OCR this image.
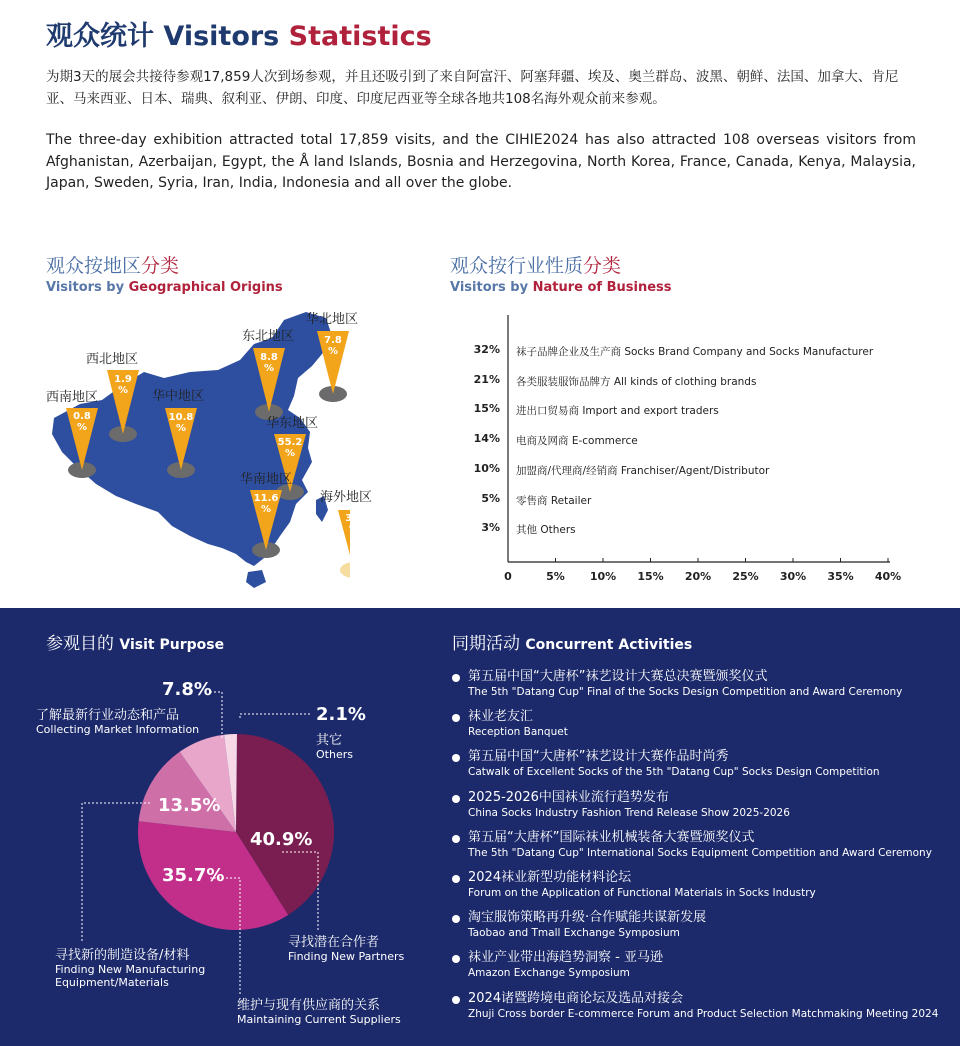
观众统计 Visitors Statistics
为期3天的展会共接待参观17,859人次到场参观，并且还吸引到了来自阿富汗、阿塞拜疆、埃及、奥兰群岛、波黑、朝鲜、法国、加拿大、肯尼亚、马来西亚、日本、瑞典、叙利亚、伊朗、印度、印度尼西亚等全球各地共108名海外观众前来参观。
The three-day exhibition attracted total 17,859 visits, and the CIHIE2024 has also attracted 108 overseas visitors from Afghanistan, Azerbaijan, Egypt, the Å land Islands, Bosnia and Herzegovina, North Korea, France, Canada, Kenya, Malaysia, Japan, Sweden, Syria, Iran, India, Indonesia and all over the globe.
观众按地区分类
Visitors by Geographical Origins
西南地区
西北地区
华中地区
东北地区
华北地区
华东地区
华南地区
海外地区
0.8
%
1.9
%
10.8
%
8.8
%
7.8
%
55.2
%
11.6
%
3.1
%
观众按行业性质分类
Visitors by Nature of Business
32% 袜子品牌企业及生产商 Socks Brand Company and Socks Manufacturer
21% 各类服装服饰品牌方 All kinds of clothing brands
15% 进出口贸易商 Import and export traders
14% 电商及网商 E-commerce
10% 加盟商/代理商/经销商 Franchiser/Agent/Distributor
5% 零售商 Retailer
3% 其他 Others
0	5%	10% 15% 20% 25% 30% 35% 40%
参观目的 Visit Purpose	同期活动 Concurrent Activities
40.9%
35.7%
13.5%
7.8%
2.1%
寻找潜在合作者
Finding New Partners
维护与现有供应商的关系
Maintaining Current Suppliers
寻找新的制造设备/材料
Finding New Manufacturing Equipment/Materials
了解最新行业动态和产品
Collecting Market Information
其它
Others
第五届中国“大唐杯”袜艺设计大赛总决赛暨颁奖仪式
The 5th "Datang Cup" Final of the Socks Design Competition and Award Ceremony
袜业老友汇
Reception Banquet
第五届中国“大唐杯”袜艺设计大赛作品时尚秀
Catwalk of Excellent Socks of the 5th "Datang Cup" Socks Design Competition
2025-2026中国袜业流行趋势发布
China Socks Industry Fashion Trend Release Show 2025-2026
第五届“大唐杯”国际袜业机械装备大赛暨颁奖仪式
The 5th "Datang Cup" International Socks Equipment Competition and Award Ceremony
2024袜业新型功能材料论坛
Forum on the Application of Functional Materials in Socks Industry
淘宝服饰策略再升级·合作赋能共谋新发展
Taobao and Tmall Exchange Symposium
袜业产业带出海趋势洞察 - 亚马逊
Amazon Exchange Symposium
2024诸暨跨境电商论坛及选品对接会
Zhuji Cross border E-commerce Forum and Product Selection Matchmaking Meeting 2024
